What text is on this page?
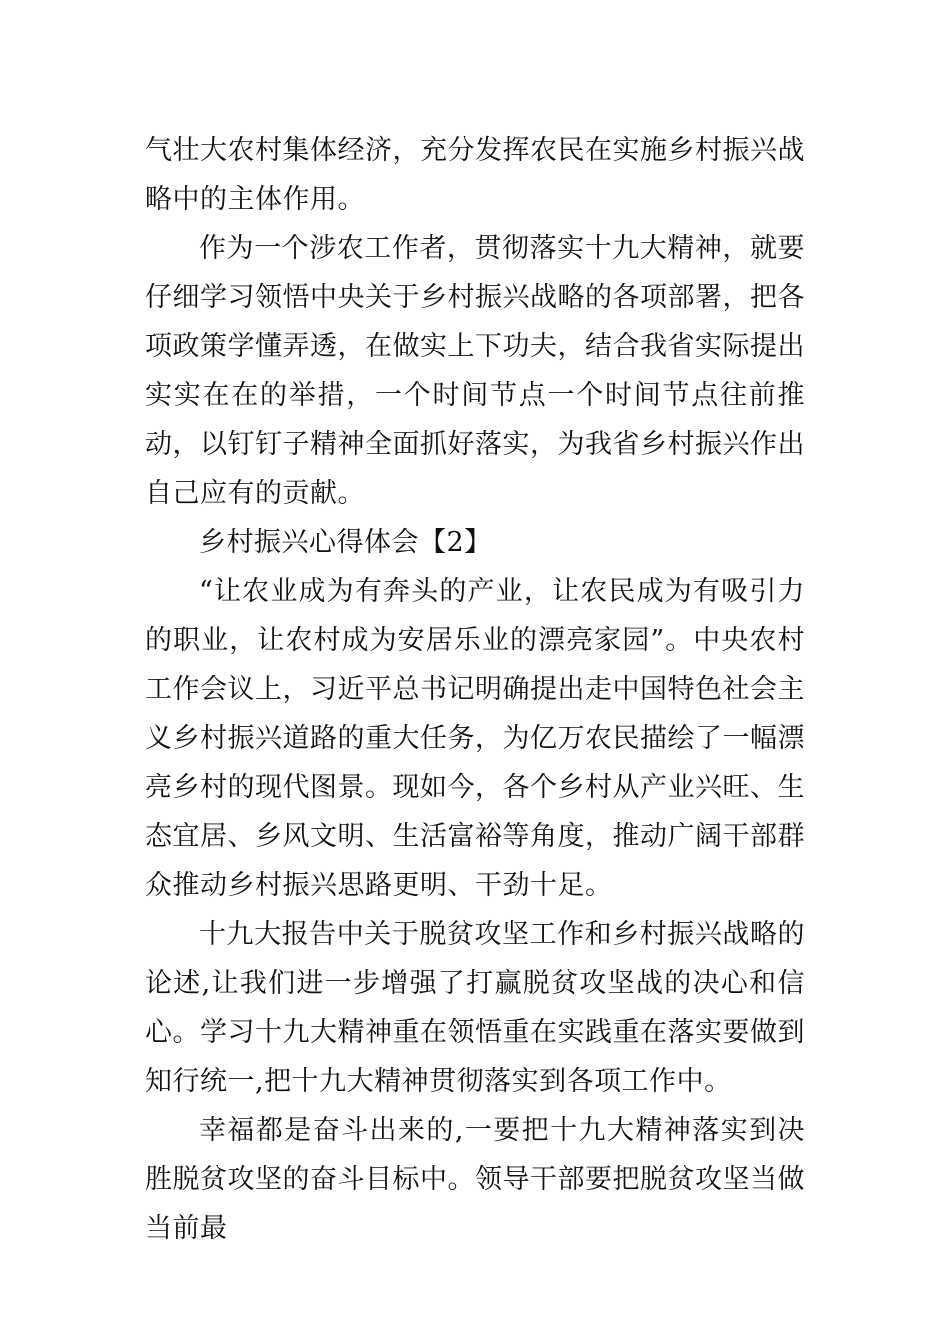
气壮大农村集体经济，充分发挥农民在实施乡村振兴战略中的主体作用。

作为一个涉农工作者，贯彻落实十九大精神，就要仔细学习领悟中央关于乡村振兴战略的各项部署，把各项政策学懂弄透，在做实上下功夫，结合我省实际提出实实在在的举措，一个时间节点一个时间节点往前推动，以钉钉子精神全面抓好落实，为我省乡村振兴作出自己应有的贡献。

乡村振兴心得体会【2】

“让农业成为有奔头的产业，让农民成为有吸引力的职业，让农村成为安居乐业的漂亮家园”。中央农村工作会议上，习近平总书记明确提出走中国特色社会主义乡村振兴道路的重大任务，为亿万农民描绘了一幅漂亮乡村的现代图景。现如今，各个乡村从产业兴旺、生态宜居、乡风文明、生活富裕等角度，推动广阔干部群众推动乡村振兴思路更明、干劲十足。

十九大报告中关于脱贫攻坚工作和乡村振兴战略的论述,让我们进一步增强了打赢脱贫攻坚战的决心和信心。学习十九大精神重在领悟重在实践重在落实要做到知行统一,把十九大精神贯彻落实到各项工作中。

幸福都是奋斗出来的,一要把十九大精神落实到决胜脱贫攻坚的奋斗目标中。领导干部要把脱贫攻坚当做当前最
